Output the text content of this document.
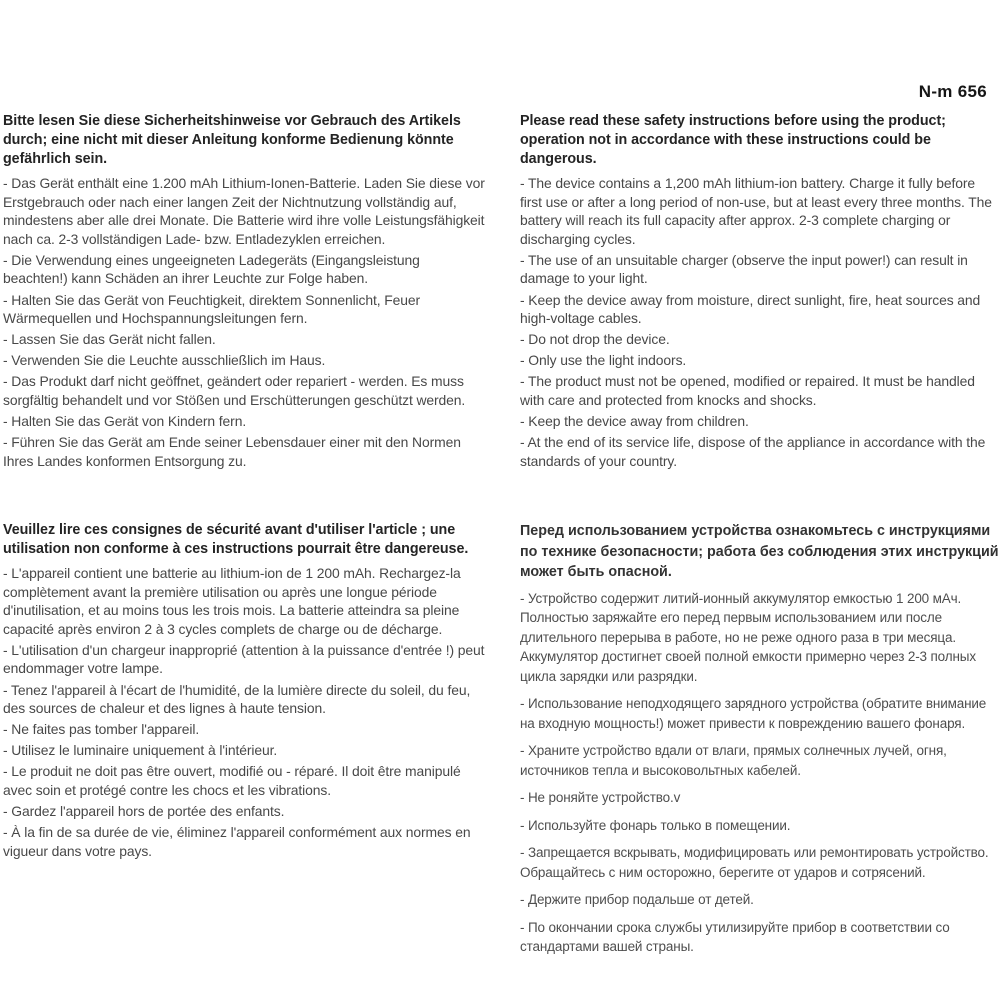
N-m 656
Bitte lesen Sie diese Sicherheitshinweise vor Gebrauch des Artikels durch; eine nicht mit dieser Anleitung konforme Bedienung könnte gefährlich sein.

- Das Gerät enthält eine 1.200 mAh Lithium-Ionen-Batterie. Laden Sie diese vor Erstgebrauch oder nach einer langen Zeit der Nichtnutzung vollständig auf, mindestens aber alle drei Monate. Die Batterie wird ihre volle Leistungsfähigkeit nach ca. 2-3 vollständigen Lade- bzw. Entladezyklen erreichen.

- Die Verwendung eines ungeeigneten Ladegeräts (Eingangsleistung beachten!) kann Schäden an ihrer Leuchte zur Folge haben.

- Halten Sie das Gerät von Feuchtigkeit, direktem Sonnenlicht, Feuer Wärmequellen und Hochspannungsleitungen fern.

- Lassen Sie das Gerät nicht fallen.

- Verwenden Sie die Leuchte ausschließlich im Haus.

- Das Produkt darf nicht geöffnet, geändert oder repariert - werden. Es muss sorgfältig behandelt und vor Stößen und Erschütterungen geschützt werden.

- Halten Sie das Gerät von Kindern fern.

- Führen Sie das Gerät am Ende seiner Lebensdauer einer mit den Normen Ihres Landes konformen Entsorgung zu.

Please read these safety instructions before using the product; operation not in accordance with these instructions could be dangerous.

- The device contains a 1,200 mAh lithium-ion battery. Charge it fully before first use or after a long period of non-use, but at least every three months. The battery will reach its full capacity after approx. 2-3 complete charging or discharging cycles.

- The use of an unsuitable charger (observe the input power!) can result in damage to your light.

- Keep the device away from moisture, direct sunlight, fire, heat sources and high-voltage cables.

- Do not drop the device.

- Only use the light indoors.

- The product must not be opened, modified or repaired. It must be handled with care and protected from knocks and shocks.

- Keep the device away from children.

- At the end of its service life, dispose of the appliance in accordance with the standards of your country.

Veuillez lire ces consignes de sécurité avant d'utiliser l'article ; une utilisation non conforme à ces instructions pourrait être dangereuse.

- L'appareil contient une batterie au lithium-ion de 1 200 mAh. Rechargez-la complètement avant la première utilisation ou après une longue période d'inutilisation, et au moins tous les trois mois. La batterie atteindra sa pleine capacité après environ 2 à 3 cycles complets de charge ou de décharge.

- L'utilisation d'un chargeur inapproprié (attention à la puissance d'entrée !) peut endommager votre lampe.

- Tenez l'appareil à l'écart de l'humidité, de la lumière directe du soleil, du feu, des sources de chaleur et des lignes à haute tension.

- Ne faites pas tomber l'appareil.

- Utilisez le luminaire uniquement à l'intérieur.

- Le produit ne doit pas être ouvert, modifié ou - réparé. Il doit être manipulé avec soin et protégé contre les chocs et les vibrations.

- Gardez l'appareil hors de portée des enfants.

- À la fin de sa durée de vie, éliminez l'appareil conformément aux normes en vigueur dans votre pays.

Перед использованием устройства ознакомьтесь с инструкциями по технике безопасности; работа без соблюдения этих инструкций может быть опасной.

- Устройство содержит литий-ионный аккумулятор емкостью 1 200 мАч. Полностью заряжайте его перед первым использованием или после длительного перерыва в работе, но не реже одного раза в три месяца. Аккумулятор достигнет своей полной емкости примерно через 2-3 полных цикла зарядки или разрядки.

- Использование неподходящего зарядного устройства (обратите внимание на входную мощность!) может привести к повреждению вашего фонаря.

- Храните устройство вдали от влаги, прямых солнечных лучей, огня, источников тепла и высоковольтных кабелей.

- Не роняйте устройство.v

- Используйте фонарь только в помещении.

- Запрещается вскрывать, модифицировать или ремонтировать устройство. Обращайтесь с ним осторожно, берегите от ударов и сотрясений.

- Держите прибор подальше от детей.

- По окончании срока службы утилизируйте прибор в соответствии со стандартами вашей страны.
